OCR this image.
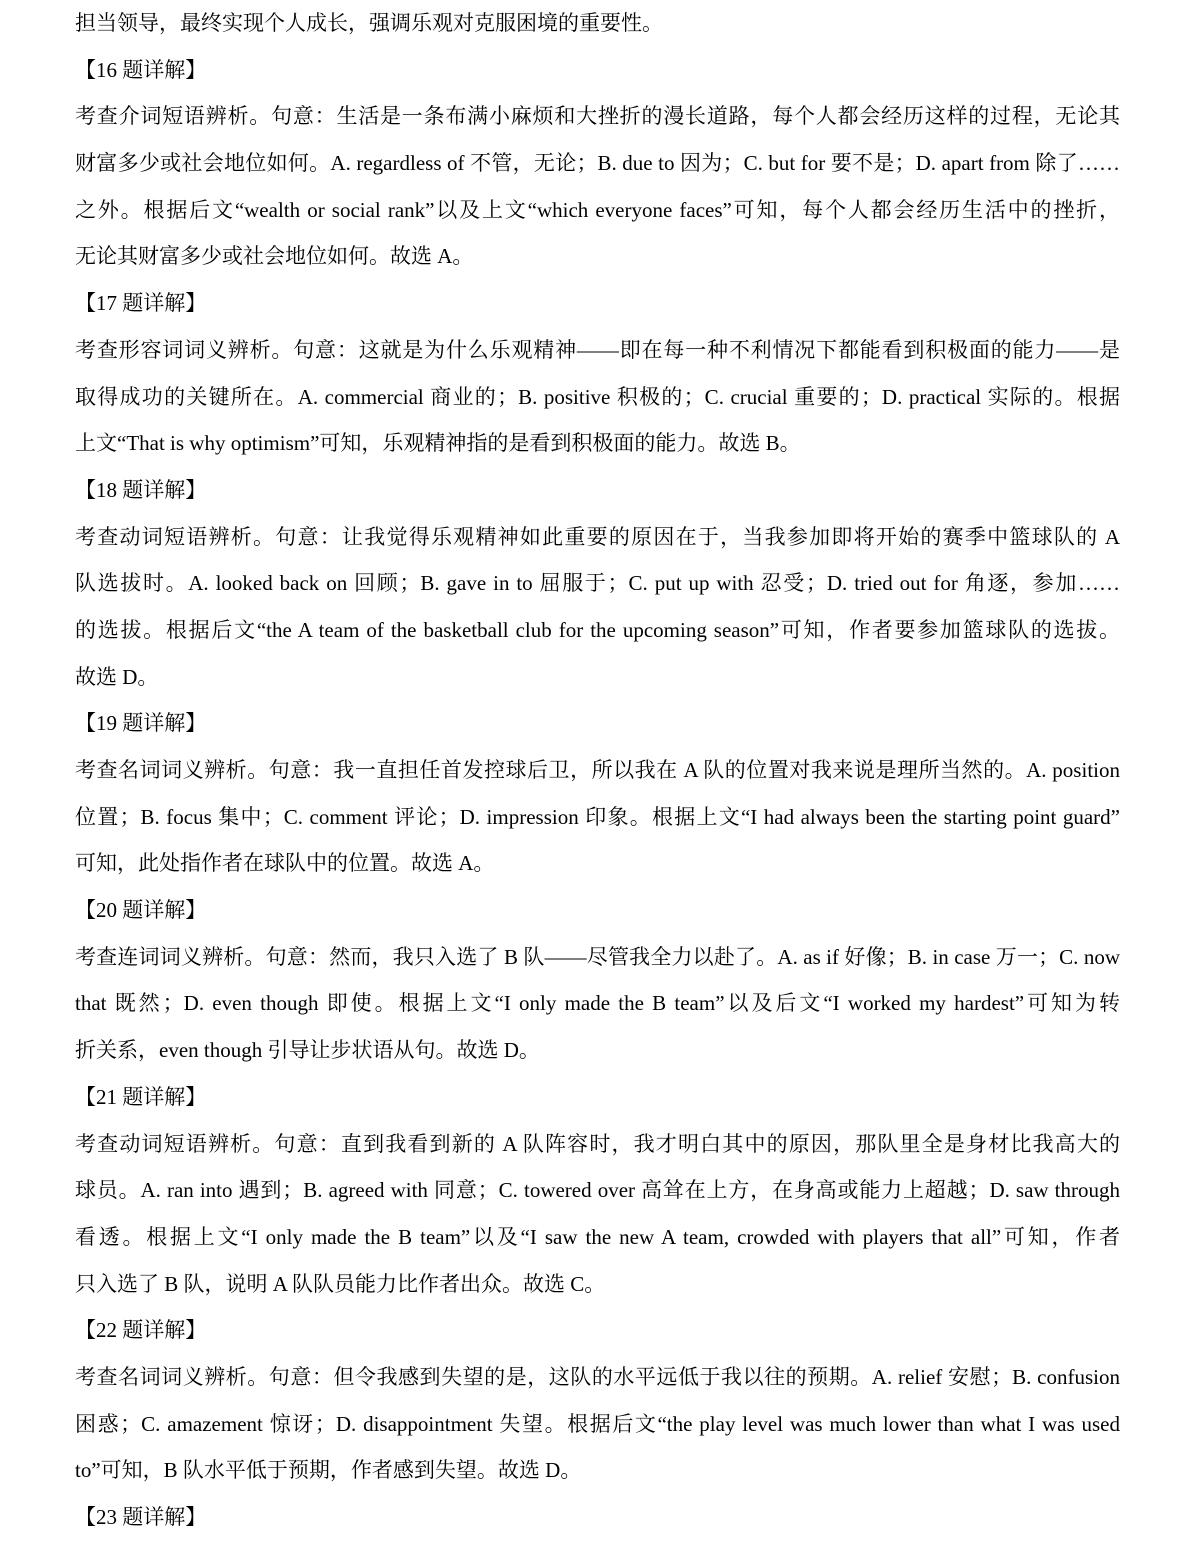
担当领导，最终实现个人成长，强调乐观对克服困境的重要性。
【16 题详解】
考查介词短语辨析。句意：生活是一条布满小麻烦和大挫折的漫长道路，每个人都会经历这样的过程，无论其
财富多少或社会地位如何。A. regardless of 不管，无论；B. due to 因为；C. but for 要不是；D. apart from 除了……
之外。根据后文“wealth or social rank”以及上文“which everyone faces”可知，每个人都会经历生活中的挫折，
无论其财富多少或社会地位如何。故选 A。
【17 题详解】
考查形容词词义辨析。句意：这就是为什么乐观精神——即在每一种不利情况下都能看到积极面的能力——是
取得成功的关键所在。A. commercial 商业的；B. positive 积极的；C. crucial 重要的；D. practical 实际的。根据
上文“That is why optimism”可知，乐观精神指的是看到积极面的能力。故选 B。
【18 题详解】
考查动词短语辨析。句意：让我觉得乐观精神如此重要的原因在于，当我参加即将开始的赛季中篮球队的 A
队选拔时。A. looked back on 回顾；B. gave in to 屈服于；C. put up with 忍受；D. tried out for 角逐，参加……
的选拔。根据后文“the A team of the basketball club for the upcoming season”可知，作者要参加篮球队的选拔。
故选 D。
【19 题详解】
考查名词词义辨析。句意：我一直担任首发控球后卫，所以我在 A 队的位置对我来说是理所当然的。A. position
位置；B. focus 集中；C. comment 评论；D. impression 印象。根据上文“I had always been the starting point guard”
可知，此处指作者在球队中的位置。故选 A。
【20 题详解】
考查连词词义辨析。句意：然而，我只入选了 B 队——尽管我全力以赴了。A. as if 好像；B. in case 万一；C. now
that 既然；D. even though 即使。根据上文“I only made the B team”以及后文“I worked my hardest”可知为转
折关系，even though 引导让步状语从句。故选 D。
【21 题详解】
考查动词短语辨析。句意：直到我看到新的 A 队阵容时，我才明白其中的原因，那队里全是身材比我高大的
球员。A. ran into 遇到；B. agreed with 同意；C. towered over 高耸在上方，在身高或能力上超越；D. saw through
看透。根据上文“I only made the B team”以及“I saw the new A team, crowded with players that all”可知，作者
只入选了 B 队，说明 A 队队员能力比作者出众。故选 C。
【22 题详解】
考查名词词义辨析。句意：但令我感到失望的是，这队的水平远低于我以往的预期。A. relief 安慰；B. confusion
困惑；C. amazement 惊讶；D. disappointment 失望。根据后文“the play level was much lower than what I was used
to”可知，B 队水平低于预期，作者感到失望。故选 D。
【23 题详解】
